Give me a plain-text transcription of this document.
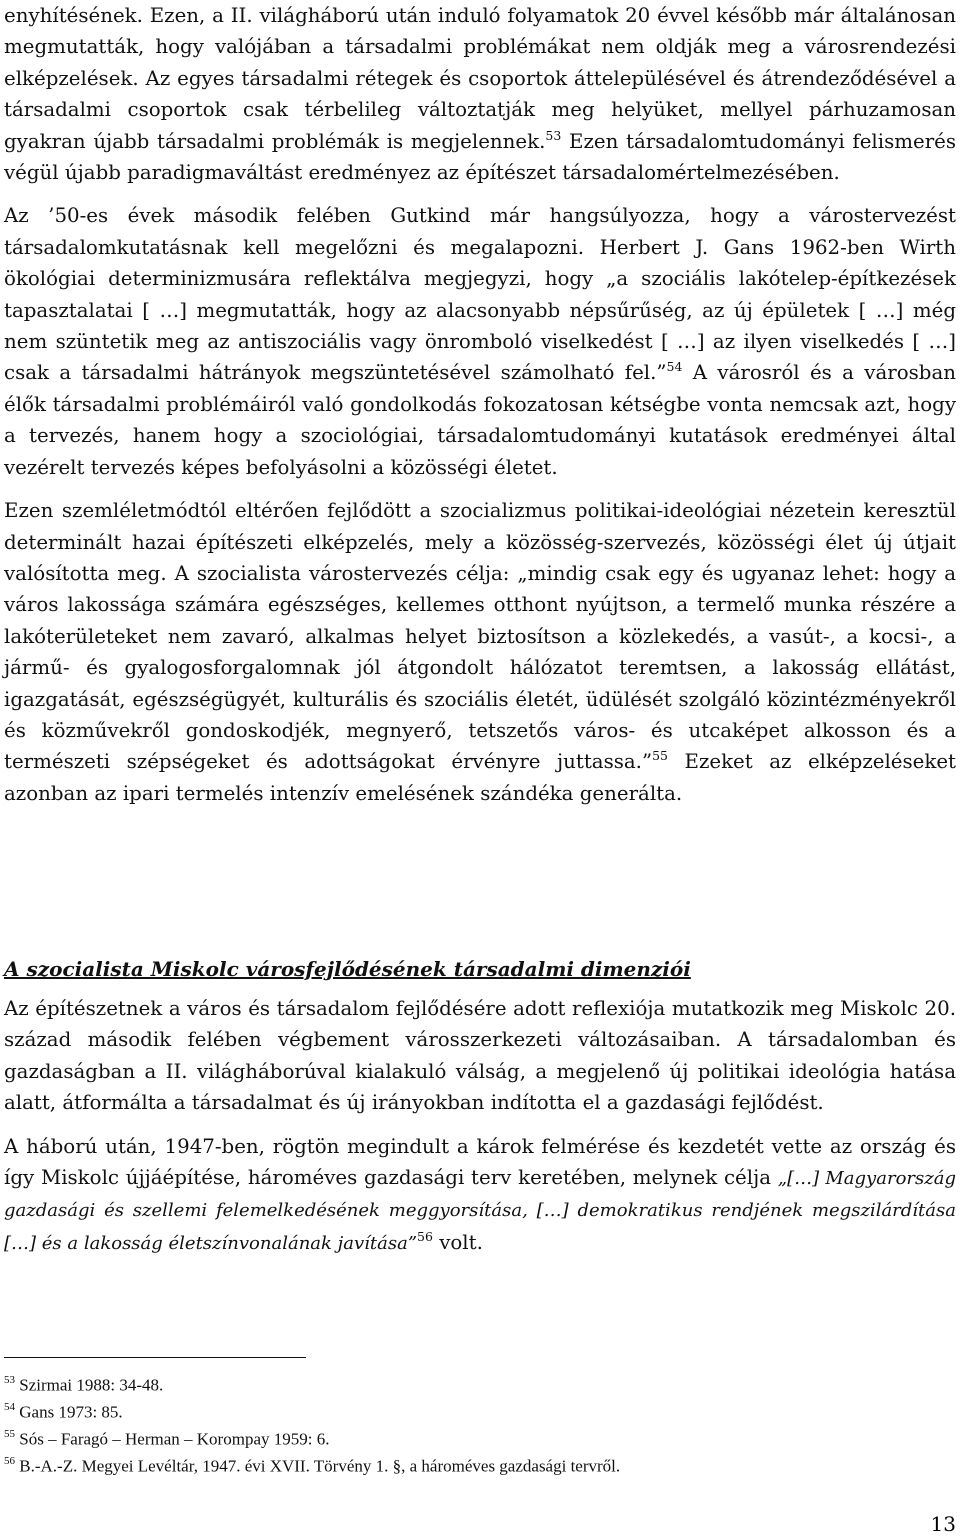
enyhítésének. Ezen, a II. világháború után induló folyamatok 20 évvel később már általánosan megmutatták, hogy valójában a társadalmi problémákat nem oldják meg a városrendezési elképzelések. Az egyes társadalmi rétegek és csoportok áttelepülésével és átrendeződésével a társadalmi csoportok csak térbelileg változtatják meg helyüket, mellyel párhuzamosan gyakran újabb társadalmi problémák is megjelennek.$^{53}$ Ezen társadalomtudományi felismerés végül újabb paradigmaváltást eredményez az építészet társadalomértelmezésében.

Az ’50-es évek második felében Gutkind már hangsúlyozza, hogy a várostervezést társadalomkutatásnak kell megelőzni és megalapozni. Herbert J. Gans 1962-ben Wirth ökológiai determinizmusára reflektálva megjegyzi, hogy „a szociális lakótelep-építkezések tapasztalatai [ …] megmutatták, hogy az alacsonyabb népsűrűség, az új épületek [ …] még nem szüntetik meg az antiszociális vagy önromboló viselkedést [ …] az ilyen viselkedés [ …] csak a társadalmi hátrányok megszüntetésével számolható fel.”$^{54}$ A városról és a városban élők társadalmi problémáiról való gondolkodás fokozatosan kétségbe vonta nemcsak azt, hogy a tervezés, hanem hogy a szociológiai, társadalomtudományi kutatások eredményei által vezérelt tervezés képes befolyásolni a közösségi életet.

Ezen szemléletmódtól eltérően fejlődött a szocializmus politikai-ideológiai nézetein keresztül determinált hazai építészeti elképzelés, mely a közösség-szervezés, közösségi élet új útjait valósította meg. A szocialista várostervezés célja: „mindig csak egy és ugyanaz lehet: hogy a város lakossága számára egészséges, kellemes otthont nyújtson, a termelő munka részére a lakóterületeket nem zavaró, alkalmas helyet biztosítson a közlekedés, a vasút-, a kocsi-, a jármű- és gyalogosforgalomnak jól átgondolt hálózatot teremtsen, a lakosság ellátást, igazgatását, egészségügyét, kulturális és szociális életét, üdülését szolgáló közintézményekről és közművekről gondoskodjék, megnyerő, tetszetős város- és utcaképet alkosson és a természeti szépségeket és adottságokat érvényre juttassa.”$^{55}$ Ezeket az elképzeléseket azonban az ipari termelés intenzív emelésének szándéka generálta.

A szocialista Miskolc városfejlődésének társadalmi dimenziói

Az építészetnek a város és társadalom fejlődésére adott reflexiója mutatkozik meg Miskolc 20. század második felében végbement városszerkezeti változásaiban. A társadalomban és gazdaságban a II. világháborúval kialakuló válság, a megjelenő új politikai ideológia hatása alatt, átformálta a társadalmat és új irányokban indította el a gazdasági fejlődést.

A háború után, 1947-ben, rögtön megindult a károk felmérése és kezdetét vette az ország és így Miskolc újjáépítése, hároméves gazdasági terv keretében, melynek célja „[…] Magyarország gazdasági és szellemi felemelkedésének meggyorsítása, […] demokratikus rendjének megszilárdítása […] és a lakosság életszínvonalának javítása”$^{56}$ volt.

$^{53}$ Szirmai 1988: 34-48.

$^{54}$ Gans 1973: 85.

$^{55}$ Sós – Faragó – Herman – Korompay 1959: 6.

$^{56}$ B.-A.-Z. Megyei Levéltár, 1947. évi XVII. Törvény 1. §, a hároméves gazdasági tervről.

13
